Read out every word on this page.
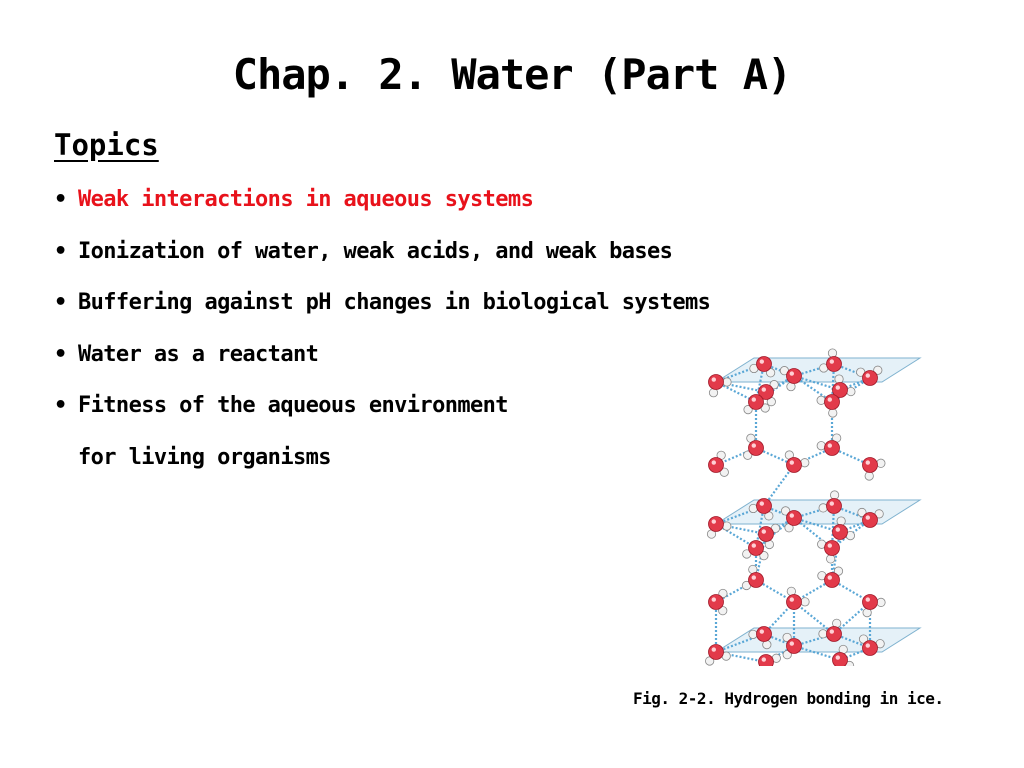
Chap. 2. Water (Part A)
Topics
• Weak interactions in aqueous systems
• Ionization of water, weak acids, and weak bases
• Buffering against pH changes in biological systems
• Water as a reactant
• Fitness of the aqueous environment
for living organisms
Fig. 2-2. Hydrogen bonding in ice.
